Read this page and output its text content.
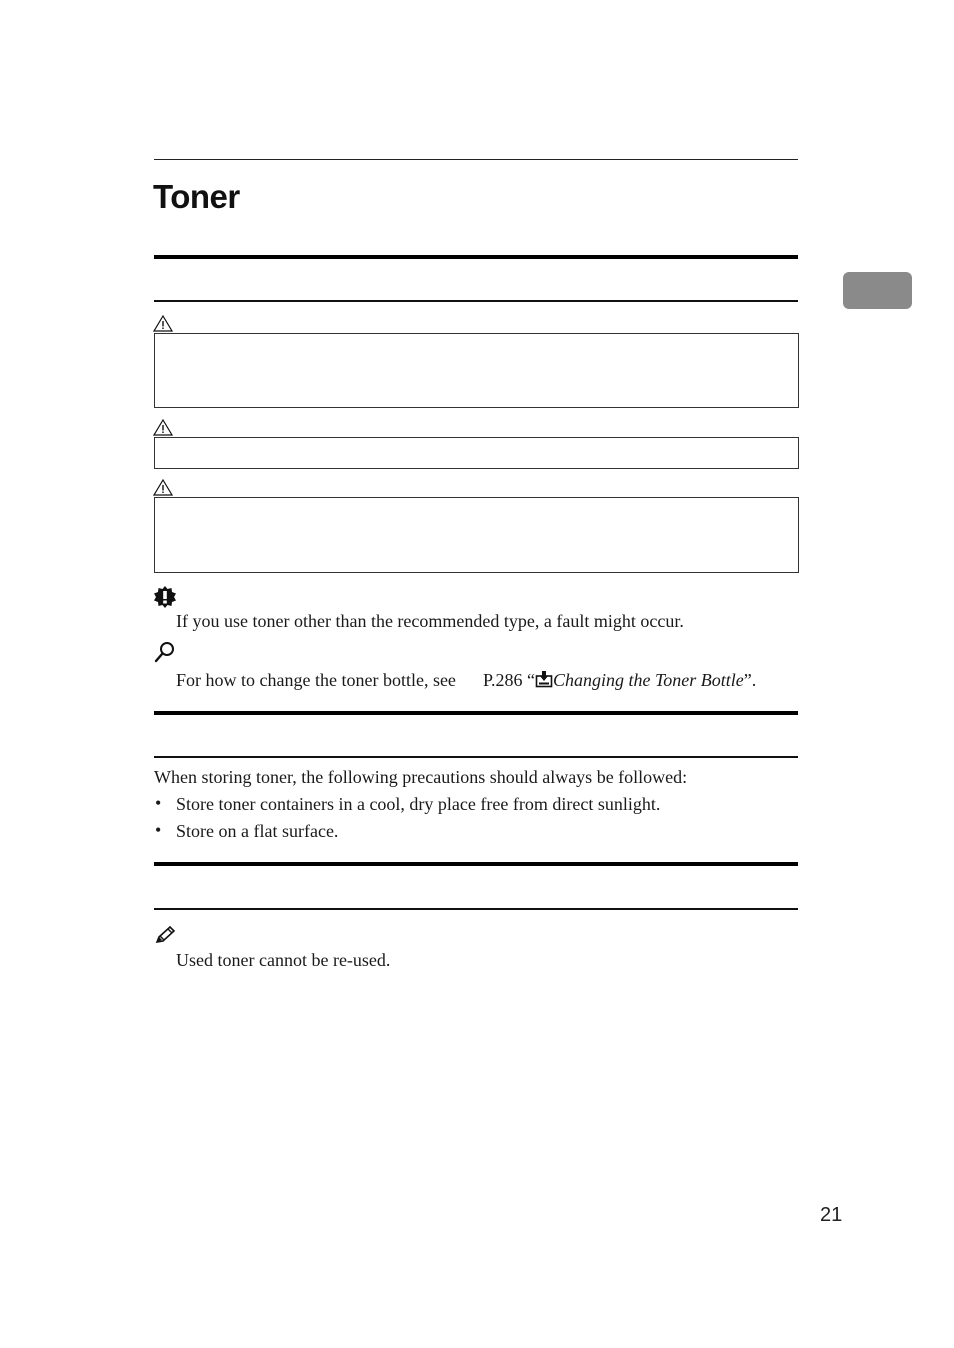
Toner
If you use toner other than the recommended type, a fault might occur.
For how to change the toner bottle, see P.286 “ Changing the Toner Bottle”.
When storing toner, the following precautions should always be followed:
• Store toner containers in a cool, dry place free from direct sunlight.
• Store on a flat surface.
Used toner cannot be re-used.
21
